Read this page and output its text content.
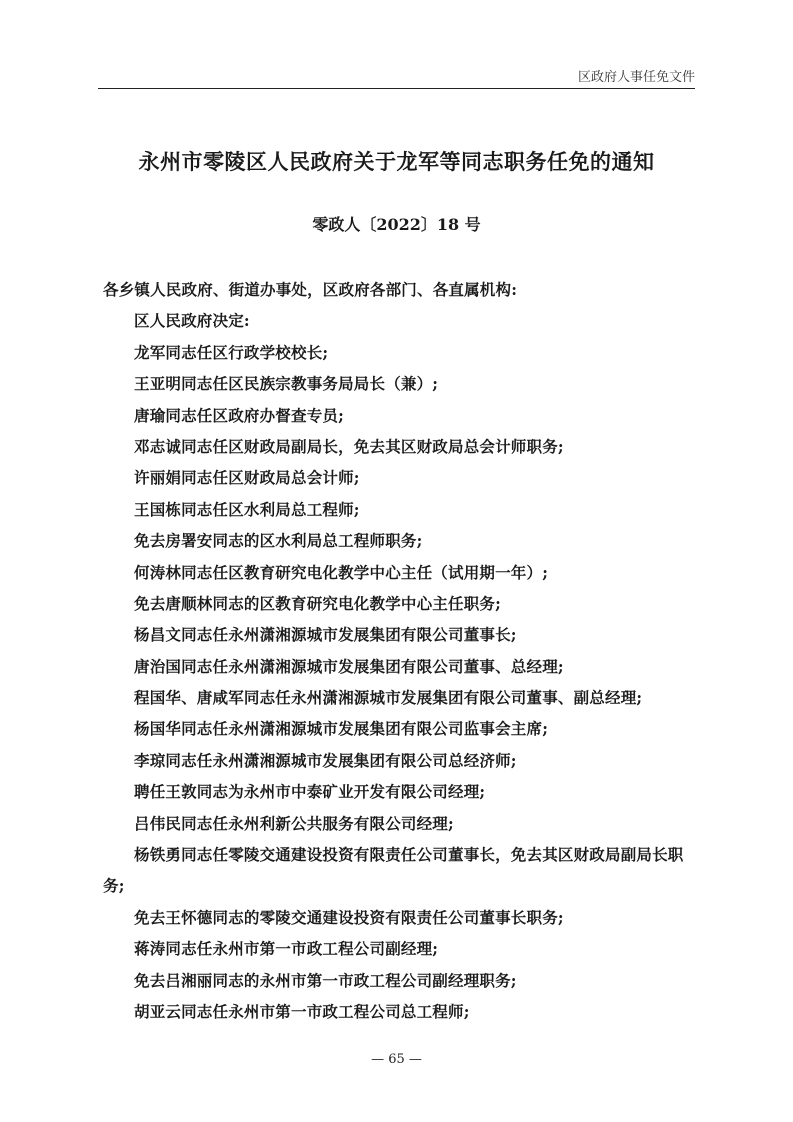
区政府人事任免文件
永州市零陵区人民政府关于龙军等同志职务任免的通知
零政人〔2022〕18 号
各乡镇人民政府、街道办事处，区政府各部门、各直属机构:
区人民政府决定:
龙军同志任区行政学校校长;
王亚明同志任区民族宗教事务局局长（兼）;
唐瑜同志任区政府办督查专员;
邓志诚同志任区财政局副局长，免去其区财政局总会计师职务;
许丽娟同志任区财政局总会计师;
王国栋同志任区水利局总工程师;
免去房署安同志的区水利局总工程师职务;
何涛林同志任区教育研究电化教学中心主任（试用期一年）;
免去唐顺林同志的区教育研究电化教学中心主任职务;
杨昌文同志任永州潇湘源城市发展集团有限公司董事长;
唐治国同志任永州潇湘源城市发展集团有限公司董事、总经理;
程国华、唐咸军同志任永州潇湘源城市发展集团有限公司董事、副总经理;
杨国华同志任永州潇湘源城市发展集团有限公司监事会主席;
李琼同志任永州潇湘源城市发展集团有限公司总经济师;
聘任王敦同志为永州市中泰矿业开发有限公司经理;
吕伟民同志任永州利新公共服务有限公司经理;
杨铁勇同志任零陵交通建设投资有限责任公司董事长，免去其区财政局副局长职
务;
免去王怀德同志的零陵交通建设投资有限责任公司董事长职务;
蒋涛同志任永州市第一市政工程公司副经理;
免去吕湘丽同志的永州市第一市政工程公司副经理职务;
胡亚云同志任永州市第一市政工程公司总工程师;
— 65 —
